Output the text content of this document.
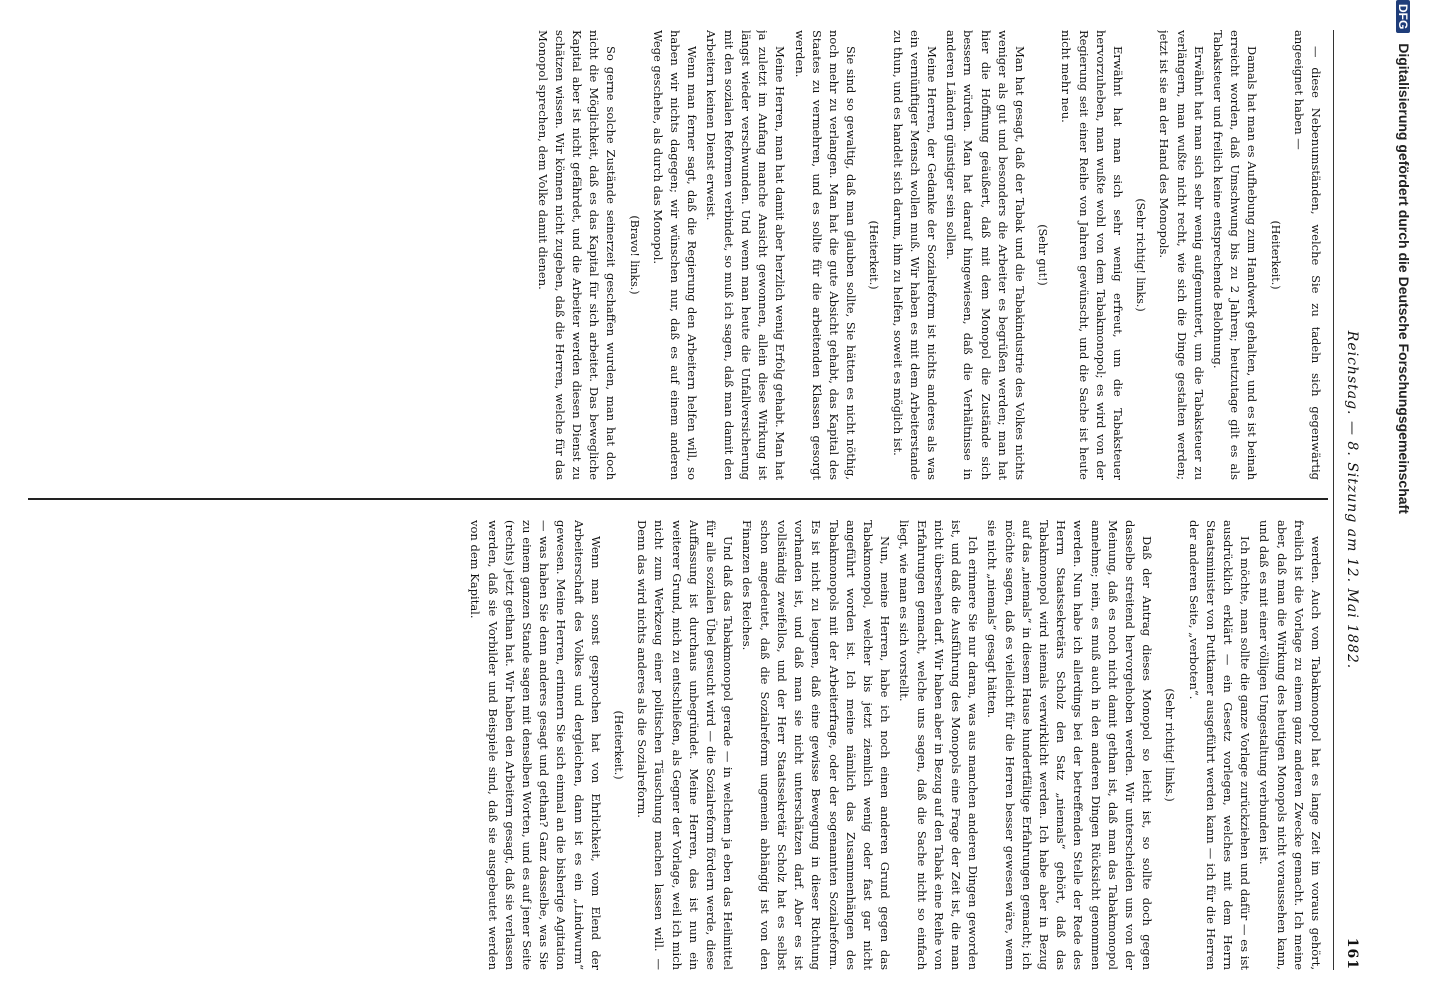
Reichstag. — 8. Sitzung am 12. Mai 1882.
161

— diese Nebenumständen, welche Sie zu tadeln sich gegenwärtig angeeignet haben —

(Heiterkeit.)

Damals hat man es Aufhebung zum Handwerk gehalten, und es ist beinah erreicht worden, daß Umschwung bis zu 2 Jahren; heutzutage gilt es als Tabaksteuer und freilich keine entsprechende Belohnung.

Erwähnt hat man sich sehr wenig aufgemuntert, um die Tabaksteuer zu verlängern, man wußte nicht recht, wie sich die Dinge gestalten werden; jetzt ist sie an der Hand des Monopols.

(Sehr richtig! links.)

Erwähnt hat man sich sehr wenig erfreut, um die Tabaksteuer hervorzuheben, man wußte wohl von dem Tabakmonopol; es wird von der Regierung seit einer Reihe von Jahren gewünscht, und die Sache ist heute nicht mehr neu.

(Sehr gut!)

Man hat gesagt, daß der Tabak und die Tabakindustrie des Volkes nichts weniger als gut und besonders die Arbeiter es begrüßen werden; man hat hier die Hoffnung geäußert, daß mit dem Monopol die Zustände sich bessern würden. Man hat darauf hingewiesen, daß die Verhältnisse in anderen Ländern günstiger sein sollen.

Meine Herren, der Gedanke der Sozialreform ist nichts anderes als was ein vernünftiger Mensch wollen muß. Wir haben es mit dem Arbeiterstande zu thun, und es handelt sich darum, ihm zu helfen, soweit es möglich ist.

(Heiterkeit.)

Sie sind so gewaltig, daß man glauben sollte, Sie hätten es nicht nöthig, noch mehr zu verlangen. Man hat die gute Absicht gehabt, das Kapital des Staates zu vermehren, und es sollte für die arbeitenden Klassen gesorgt werden.

Meine Herren, man hat damit aber herzlich wenig Erfolg gehabt. Man hat ja zuletzt im Anfang manche Ansicht gewonnen, allein diese Wirkung ist längst wieder verschwunden. Und wenn man heute die Unfallversicherung mit den sozialen Reformen verbindet, so muß ich sagen, daß man damit den Arbeitern keinen Dienst erweist.

Wenn man ferner sagt, daß die Regierung den Arbeitern helfen will, so haben wir nichts dagegen; wir wünschen nur, daß es auf einem anderen Wege geschehe, als durch das Monopol.

(Bravo! links.)

So gerne solche Zustände seinerzeit geschaffen wurden, man hat doch nicht die Möglichkeit, daß es das Kapital für sich arbeitet. Das bewegliche Kapital aber ist nicht gefährdet, und die Arbeiter werden diesen Dienst zu schätzen wissen. Wir können nicht zugeben, daß die Herren, welche für das Monopol sprechen, dem Volke damit dienen.

werden. Auch vom Tabakmonopol hat es lange Zeit im voraus gehört, freilich ist die Vorlage zu einem ganz anderen Zwecke gemacht. Ich meine aber, daß man die Wirkung des heutigen Monopols nicht voraussehen kann, und daß es mit einer völligen Umgestaltung verbunden ist.

Ich möchte, man sollte die ganze Vorlage zurückziehen und dafür — es ist ausdrücklich erklärt — ein Gesetz vorlegen, welches mit dem Herrn Staatsminister von Puttkamer ausgeführt werden kann — ich für die Herren der anderen Seite, „verboten“.

(Sehr richtig! links.)

Daß der Antrag dieses Monopol so leicht ist, so sollte doch gegen dasselbe streitend hervorgehoben werden. Wir unterscheiden uns von der Meinung, daß es noch nicht damit gethan ist, daß man das Tabakmonopol annehme; nein, es muß auch in den anderen Dingen Rücksicht genommen werden. Nun habe ich allerdings bei der betreffenden Stelle der Rede des Herrn Staatssekretärs Scholz den Satz „niemals“ gehört, daß das Tabakmonopol wird niemals verwirklicht werden. Ich habe aber in Bezug auf das „niemals“ in diesem Hause hundertfältige Erfahrungen gemacht; ich möchte sagen, daß es vielleicht für die Herren besser gewesen wäre, wenn sie nicht „niemals“ gesagt hätten.

Ich erinnere Sie nur daran, was aus manchen anderen Dingen geworden ist, und daß die Ausführung des Monopols eine Frage der Zeit ist, die man nicht übersehen darf. Wir haben aber in Bezug auf den Tabak eine Reihe von Erfahrungen gemacht, welche uns sagen, daß die Sache nicht so einfach liegt, wie man es sich vorstellt.

Nun, meine Herren, habe ich noch einen anderen Grund gegen das Tabakmonopol, welcher bis jetzt ziemlich wenig oder fast gar nicht angeführt worden ist. Ich meine nämlich das Zusammenhängen des Tabakmonopols mit der Arbeiterfrage, oder der sogenannten Sozialreform. Es ist nicht zu leugnen, daß eine gewisse Bewegung in dieser Richtung vorhanden ist, und daß man sie nicht unterschätzen darf. Aber es ist vollständig zweifellos, und der Herr Staatssekretär Scholz hat es selbst schon angedeutet, daß die Sozialreform ungemein abhängig ist von den Finanzen des Reiches.

Und daß das Tabakmonopol gerade — in welchem ja eben das Heilmittel für alle sozialen Übel gesucht wird — die Sozialreform fördern werde, diese Auffassung ist durchaus unbegründet. Meine Herren, das ist nun ein weiterer Grund, mich zu entschließen, als Gegner der Vorlage, weil ich mich nicht zum Werkzeug einer politischen Täuschung machen lassen will. — Denn das wird nichts anderes als die Sozialreform.

(Heiterkeit.)

Wenn man sonst gesprochen hat von Ehrlichkeit, vom Elend der Arbeiterschaft des Volkes und dergleichen, dann ist es ein „Lindwurm“ gewesen. Meine Herren, erinnern Sie sich einmal an die bisherige Agitation — was haben Sie denn anderes gesagt und gethan? Ganz dasselbe, was Sie zu einem ganzen Stande sagen mit denselben Worten, und es auf jener Seite (rechts) jetzt gethan hat. Wir haben den Arbeitern gesagt, daß sie verlassen werden, daß sie Vorbilder und Beispiele sind, daß sie ausgebeutet werden von dem Kapital.

DFG Digitalisierung gefördert durch die Deutsche Forschungsgemeinschaft
